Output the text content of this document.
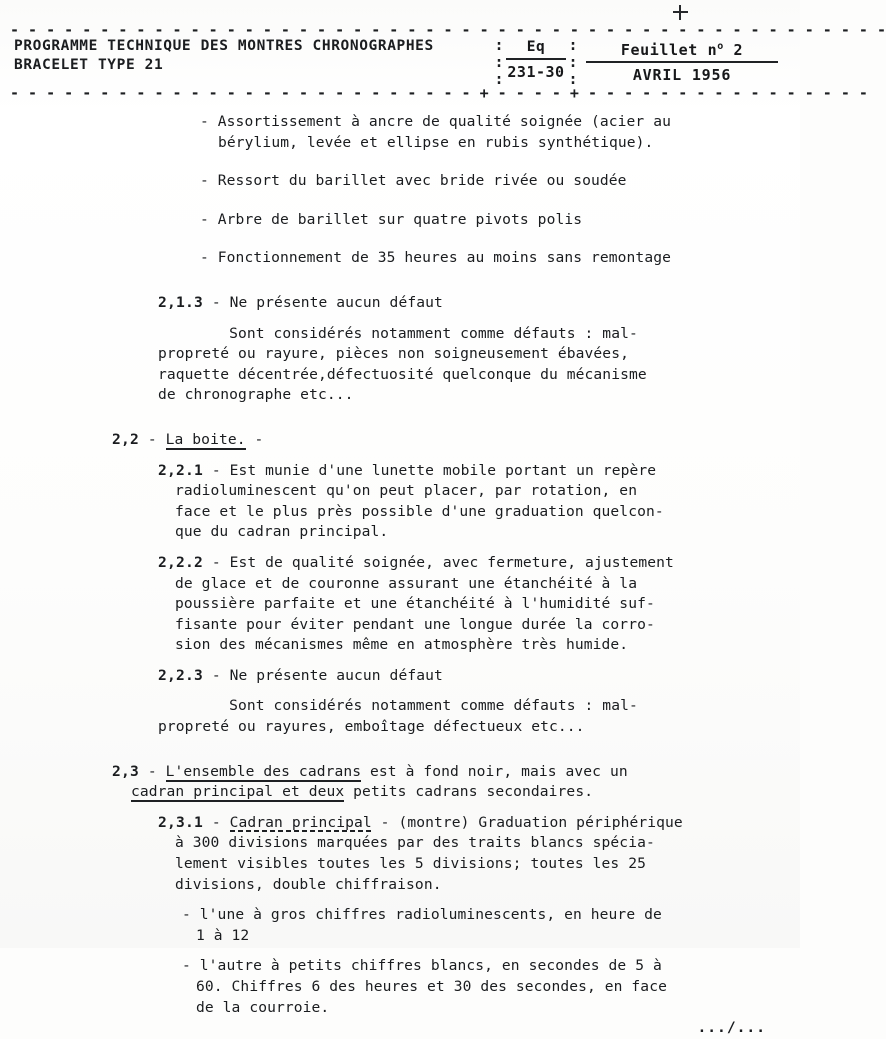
- - - - - - - - - - - - - - - - - - - - - - - - - - - - - - - - - - - - - - - - - - - - - - - - -
PROGRAMME TECHNIQUE DES MONTRES CHRONOGRAPHES
BRACELET TYPE 21
:
:
:
Eq
231-30
:
:
:
Feuillet $n^o$ 2
AVRIL 1956
- - - - - - - - - - - - - - - - - - - - - - - - - - + - - - - + - - - - - - - - - - - - - - - -
- Assortissement à ancre de qualité soignée (acier au
bérylium, levée et ellipse en rubis synthétique).
- Ressort du barillet avec bride rivée ou soudée
- Arbre de barillet sur quatre pivots polis
- Fonctionnement de 35 heures au moins sans remontage
2,1.3 - Ne présente aucun défaut
Sont considérés notamment comme défauts : mal-
propreté ou rayure, pièces non soigneusement ébavées,
raquette décentrée,défectuosité quelconque du mécanisme
de chronographe etc...
2,2 - La boite. -
2,2.1 - Est munie d'une lunette mobile portant un repère
radioluminescent qu'on peut placer, par rotation, en
face et le plus près possible d'une graduation quelcon-
que du cadran principal.
2,2.2 - Est de qualité soignée, avec fermeture, ajustement
de glace et de couronne assurant une étanchéité à la
poussière parfaite et une étanchéité à l'humidité suf-
fisante pour éviter pendant une longue durée la corro-
sion des mécanismes même en atmosphère très humide.
2,2.3 - Ne présente aucun défaut
Sont considérés notamment comme défauts : mal-
propreté ou rayures, emboîtage défectueux etc...
2,3 - L'ensemble des cadrans est à fond noir, mais avec un
cadran principal et deux petits cadrans secondaires.
2,3.1 - Cadran principal - (montre) Graduation périphérique
à 300 divisions marquées par des traits blancs spécia-
lement visibles toutes les 5 divisions; toutes les 25
divisions, double chiffraison.
- l'une à gros chiffres radioluminescents, en heure de
1 à 12
- l'autre à petits chiffres blancs, en secondes de 5 à
60. Chiffres 6 des heures et 30 des secondes, en face
de la courroie.
.../...
